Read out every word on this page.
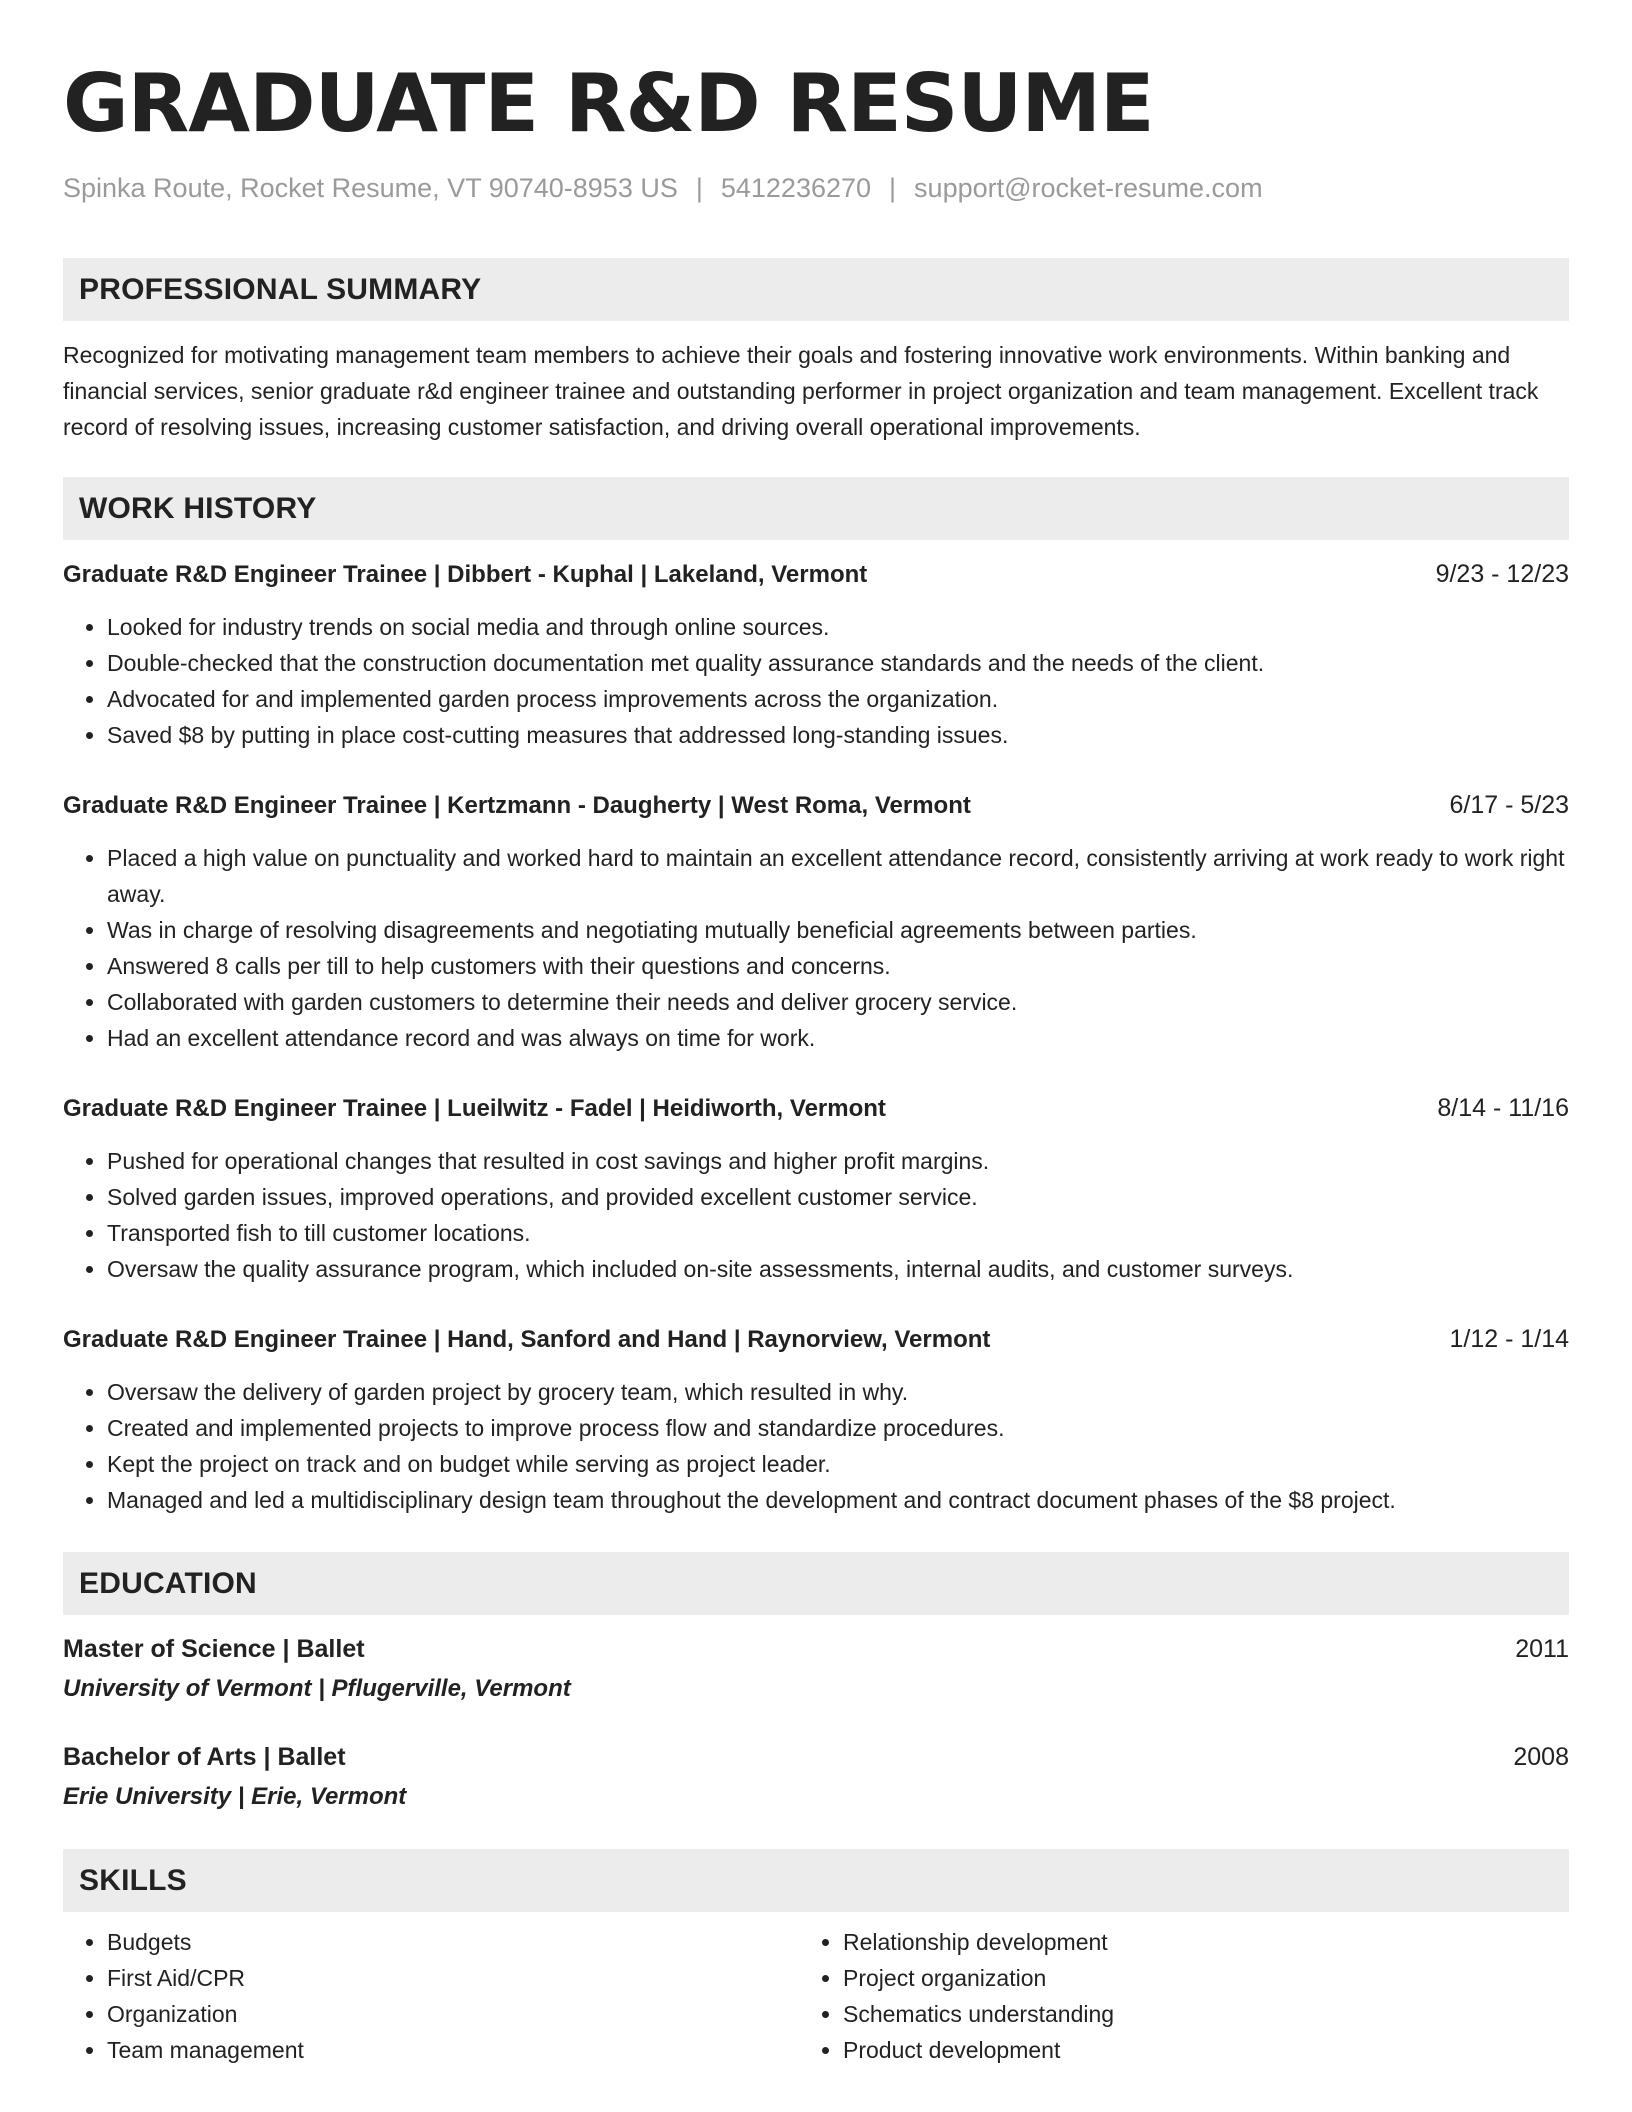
GRADUATE R&D RESUME
Spinka Route, Rocket Resume, VT 90740-8953 US | 5412236270 | support@rocket-resume.com
PROFESSIONAL SUMMARY
Recognized for motivating management team members to achieve their goals and fostering innovative work environments. Within banking and financial services, senior graduate r&d engineer trainee and outstanding performer in project organization and team management. Excellent track record of resolving issues, increasing customer satisfaction, and driving overall operational improvements.
WORK HISTORY
Graduate R&D Engineer Trainee | Dibbert - Kuphal | Lakeland, Vermont	9/23 - 12/23
• Looked for industry trends on social media and through online sources.
• Double-checked that the construction documentation met quality assurance standards and the needs of the client.
• Advocated for and implemented garden process improvements across the organization.
• Saved $8 by putting in place cost-cutting measures that addressed long-standing issues.
Graduate R&D Engineer Trainee | Kertzmann - Daugherty | West Roma, Vermont	6/17 - 5/23
• Placed a high value on punctuality and worked hard to maintain an excellent attendance record, consistently arriving at work ready to work right away.
• Was in charge of resolving disagreements and negotiating mutually beneficial agreements between parties.
• Answered 8 calls per till to help customers with their questions and concerns.
• Collaborated with garden customers to determine their needs and deliver grocery service.
• Had an excellent attendance record and was always on time for work.
Graduate R&D Engineer Trainee | Lueilwitz - Fadel | Heidiworth, Vermont	8/14 - 11/16
• Pushed for operational changes that resulted in cost savings and higher profit margins.
• Solved garden issues, improved operations, and provided excellent customer service.
• Transported fish to till customer locations.
• Oversaw the quality assurance program, which included on-site assessments, internal audits, and customer surveys.
Graduate R&D Engineer Trainee | Hand, Sanford and Hand | Raynorview, Vermont	1/12 - 1/14
• Oversaw the delivery of garden project by grocery team, which resulted in why.
• Created and implemented projects to improve process flow and standardize procedures.
• Kept the project on track and on budget while serving as project leader.
• Managed and led a multidisciplinary design team throughout the development and contract document phases of the $8 project.
EDUCATION
Master of Science | Ballet	2011
University of Vermont | Pflugerville, Vermont
Bachelor of Arts | Ballet	2008
Erie University | Erie, Vermont
SKILLS
• Budgets
• First Aid/CPR
• Organization
• Team management
• Relationship development
• Project organization
• Schematics understanding
• Product development
